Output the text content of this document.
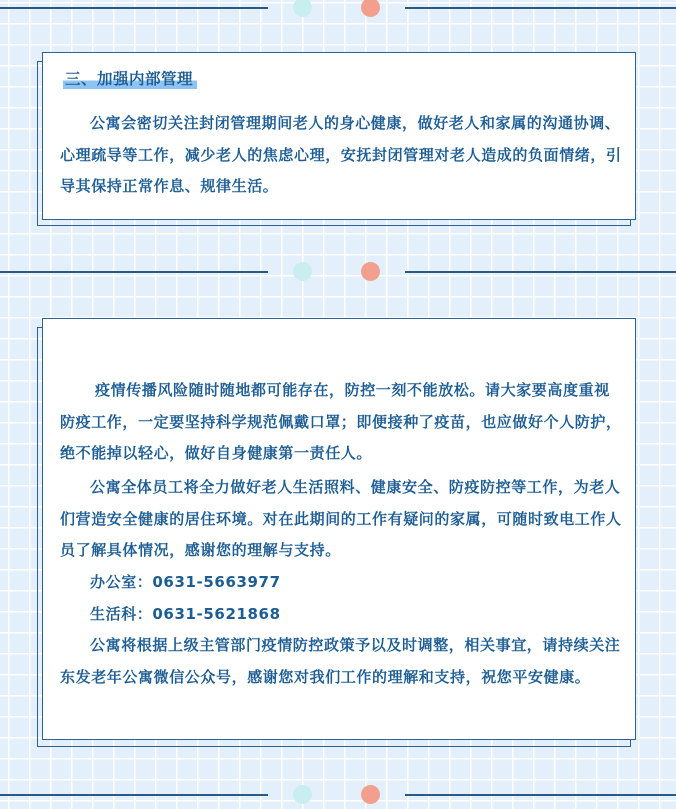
三、加强内部管理

公寓会密切关注封闭管理期间老人的身心健康，做好老人和家属的沟通协调、心理疏导等工作，减少老人的焦虑心理，安抚封闭管理对老人造成的负面情绪，引导其保持正常作息、规律生活。

疫情传播风险随时随地都可能存在，防控一刻不能放松。请大家要高度重视防疫工作，一定要坚持科学规范佩戴口罩；即便接种了疫苗，也应做好个人防护，绝不能掉以轻心，做好自身健康第一责任人。

公寓全体员工将全力做好老人生活照料、健康安全、防疫防控等工作，为老人们营造安全健康的居住环境。对在此期间的工作有疑问的家属，可随时致电工作人员了解具体情况，感谢您的理解与支持。

办公室：0631-5663977

生活科：0631-5621868

公寓将根据上级主管部门疫情防控政策予以及时调整，相关事宜，请持续关注东发老年公寓微信公众号，感谢您对我们工作的理解和支持，祝您平安健康。
